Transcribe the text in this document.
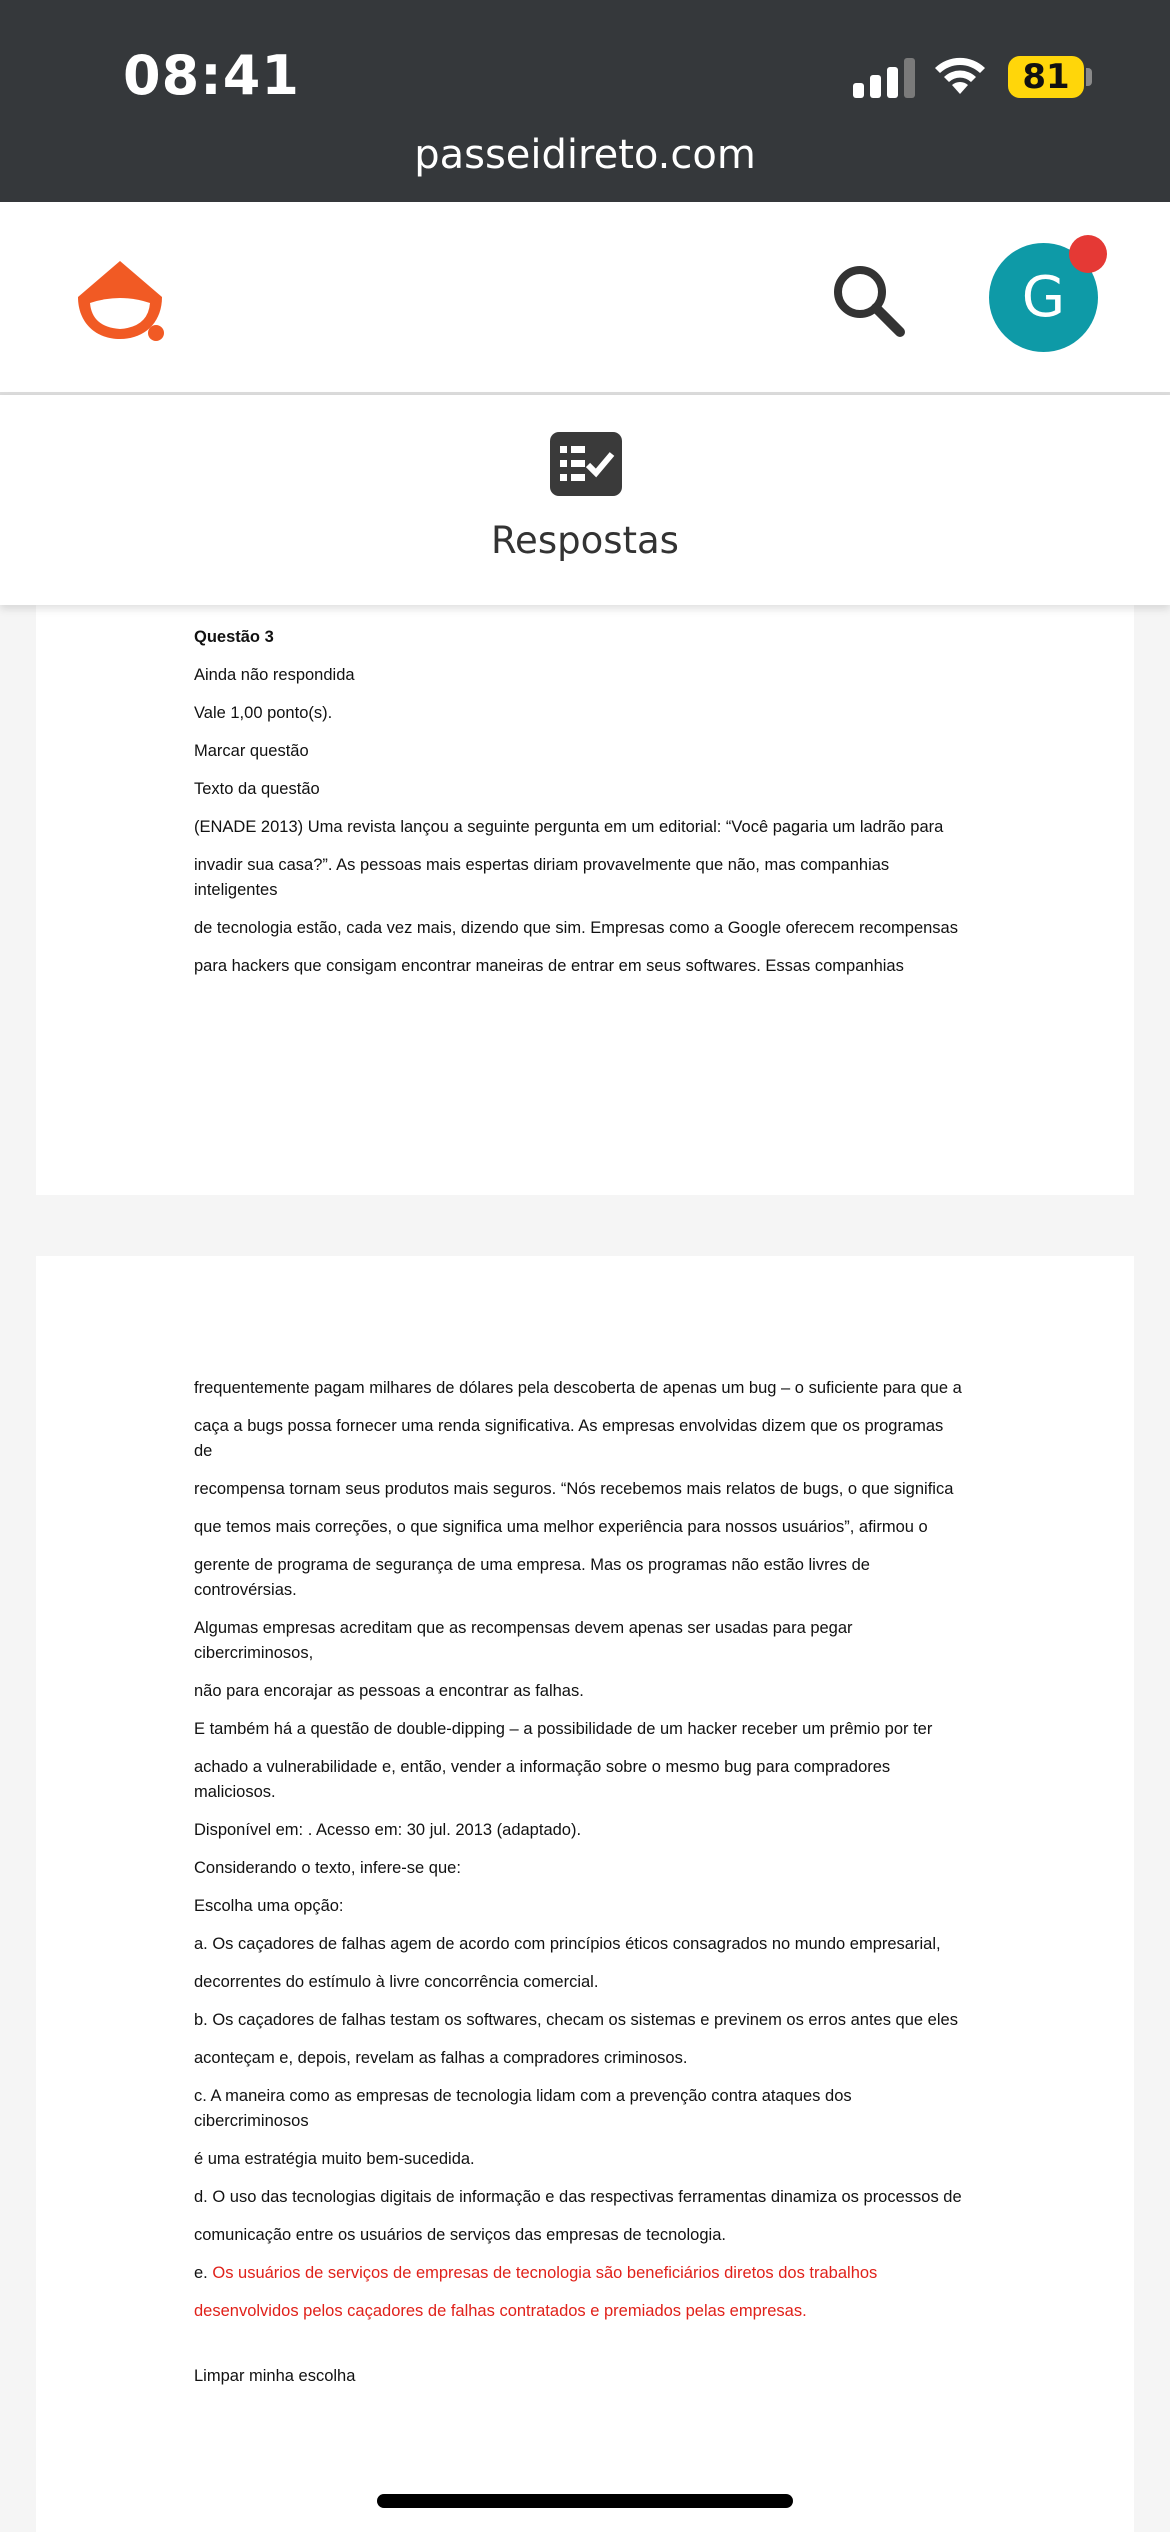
08:41	81
passeidireto.com
G
Respostas

Questão 3

Ainda não respondida

Vale 1,00 ponto(s).

Marcar questão

Texto da questão

(ENADE 2013) Uma revista lançou a seguinte pergunta em um editorial: “Você pagaria um ladrão para

invadir sua casa?”. As pessoas mais espertas diriam provavelmente que não, mas companhias inteligentes

de tecnologia estão, cada vez mais, dizendo que sim. Empresas como a Google oferecem recompensas

para hackers que consigam encontrar maneiras de entrar em seus softwares. Essas companhias

frequentemente pagam milhares de dólares pela descoberta de apenas um bug – o suficiente para que a

caça a bugs possa fornecer uma renda significativa. As empresas envolvidas dizem que os programas de

recompensa tornam seus produtos mais seguros. “Nós recebemos mais relatos de bugs, o que significa

que temos mais correções, o que significa uma melhor experiência para nossos usuários”, afirmou o

gerente de programa de segurança de uma empresa. Mas os programas não estão livres de controvérsias.

Algumas empresas acreditam que as recompensas devem apenas ser usadas para pegar cibercriminosos,

não para encorajar as pessoas a encontrar as falhas.

E também há a questão de double-dipping – a possibilidade de um hacker receber um prêmio por ter

achado a vulnerabilidade e, então, vender a informação sobre o mesmo bug para compradores maliciosos.

Disponível em: . Acesso em: 30 jul. 2013 (adaptado).

Considerando o texto, infere-se que:

Escolha uma opção:

a. Os caçadores de falhas agem de acordo com princípios éticos consagrados no mundo empresarial,

decorrentes do estímulo à livre concorrência comercial.

b. Os caçadores de falhas testam os softwares, checam os sistemas e previnem os erros antes que eles

aconteçam e, depois, revelam as falhas a compradores criminosos.

c. A maneira como as empresas de tecnologia lidam com a prevenção contra ataques dos cibercriminosos

é uma estratégia muito bem-sucedida.

d. O uso das tecnologias digitais de informação e das respectivas ferramentas dinamiza os processos de

comunicação entre os usuários de serviços das empresas de tecnologia.

e. Os usuários de serviços de empresas de tecnologia são beneficiários diretos dos trabalhos

desenvolvidos pelos caçadores de falhas contratados e premiados pelas empresas.

Limpar minha escolha
